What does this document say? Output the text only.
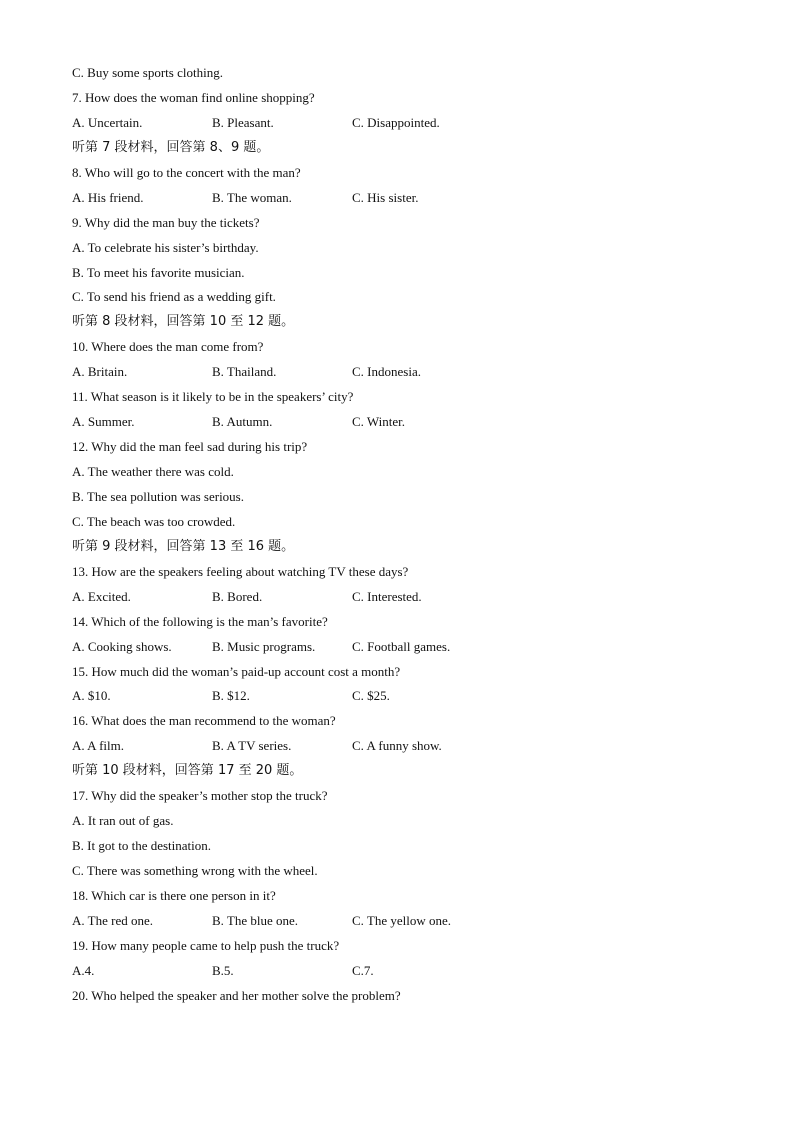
C. Buy some sports clothing.
7. How does the woman find online shopping?
A. Uncertain.	B. Pleasant.	C. Disappointed.
听第 7 段材料，回答第 8、9 题。
8. Who will go to the concert with the man?
A. His friend.	B. The woman.	C. His sister.
9. Why did the man buy the tickets?
A. To celebrate his sister’s birthday.
B. To meet his favorite musician.
C. To send his friend as a wedding gift.
听第 8 段材料，回答第 10 至 12 题。
10. Where does the man come from?
A. Britain.	B. Thailand.	C. Indonesia.
11. What season is it likely to be in the speakers’ city?
A. Summer.	B. Autumn.	C. Winter.
12. Why did the man feel sad during his trip?
A. The weather there was cold.
B. The sea pollution was serious.
C. The beach was too crowded.
听第 9 段材料，回答第 13 至 16 题。
13. How are the speakers feeling about watching TV these days?
A. Excited.	B. Bored.	C. Interested.
14. Which of the following is the man’s favorite?
A. Cooking shows.	B. Music programs.	C. Football games.
15. How much did the woman’s paid-up account cost a month?
A. $10.	B. $12.	C. $25.
16. What does the man recommend to the woman?
A. A film.	B. A TV series.	C. A funny show.
听第 10 段材料，回答第 17 至 20 题。
17. Why did the speaker’s mother stop the truck?
A. It ran out of gas.
B. It got to the destination.
C. There was something wrong with the wheel.
18. Which car is there one person in it?
A. The red one.	B. The blue one.	C. The yellow one.
19. How many people came to help push the truck?
A.4.	B.5.	C.7.
20. Who helped the speaker and her mother solve the problem?
